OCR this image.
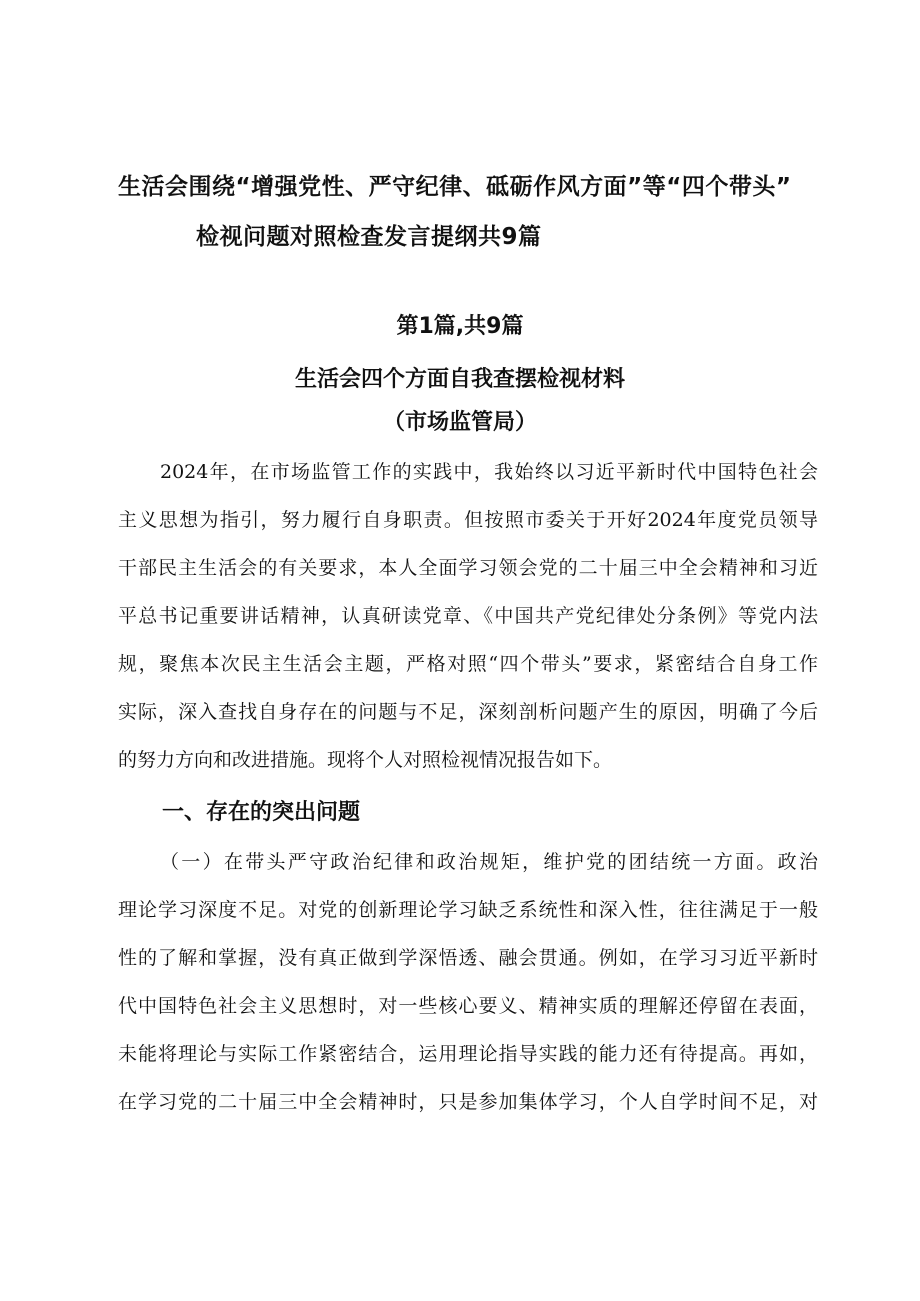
生活会围绕“增强党性、严守纪律、砥砺作风方面”等“四个带头”
检视问题对照检查发言提纲共9篇
第1篇,共9篇
生活会四个方面自我查摆检视材料
（市场监管局）
2024年，在市场监管工作的实践中，我始终以习近平新时代中国特色社会
主义思想为指引，努力履行自身职责。但按照市委关于开好2024年度党员领导
干部民主生活会的有关要求，本人全面学习领会党的二十届三中全会精神和习近
平总书记重要讲话精神，认真研读党章、《中国共产党纪律处分条例》等党内法
规，聚焦本次民主生活会主题，严格对照“四个带头”要求，紧密结合自身工作
实际，深入查找自身存在的问题与不足，深刻剖析问题产生的原因，明确了今后
的努力方向和改进措施。现将个人对照检视情况报告如下。
一、存在的突出问题
（一）在带头严守政治纪律和政治规矩，维护党的团结统一方面。政治
理论学习深度不足。对党的创新理论学习缺乏系统性和深入性，往往满足于一般
性的了解和掌握，没有真正做到学深悟透、融会贯通。例如，在学习习近平新时
代中国特色社会主义思想时，对一些核心要义、精神实质的理解还停留在表面，
未能将理论与实际工作紧密结合，运用理论指导实践的能力还有待提高。再如，
在学习党的二十届三中全会精神时，只是参加集体学习，个人自学时间不足，对
